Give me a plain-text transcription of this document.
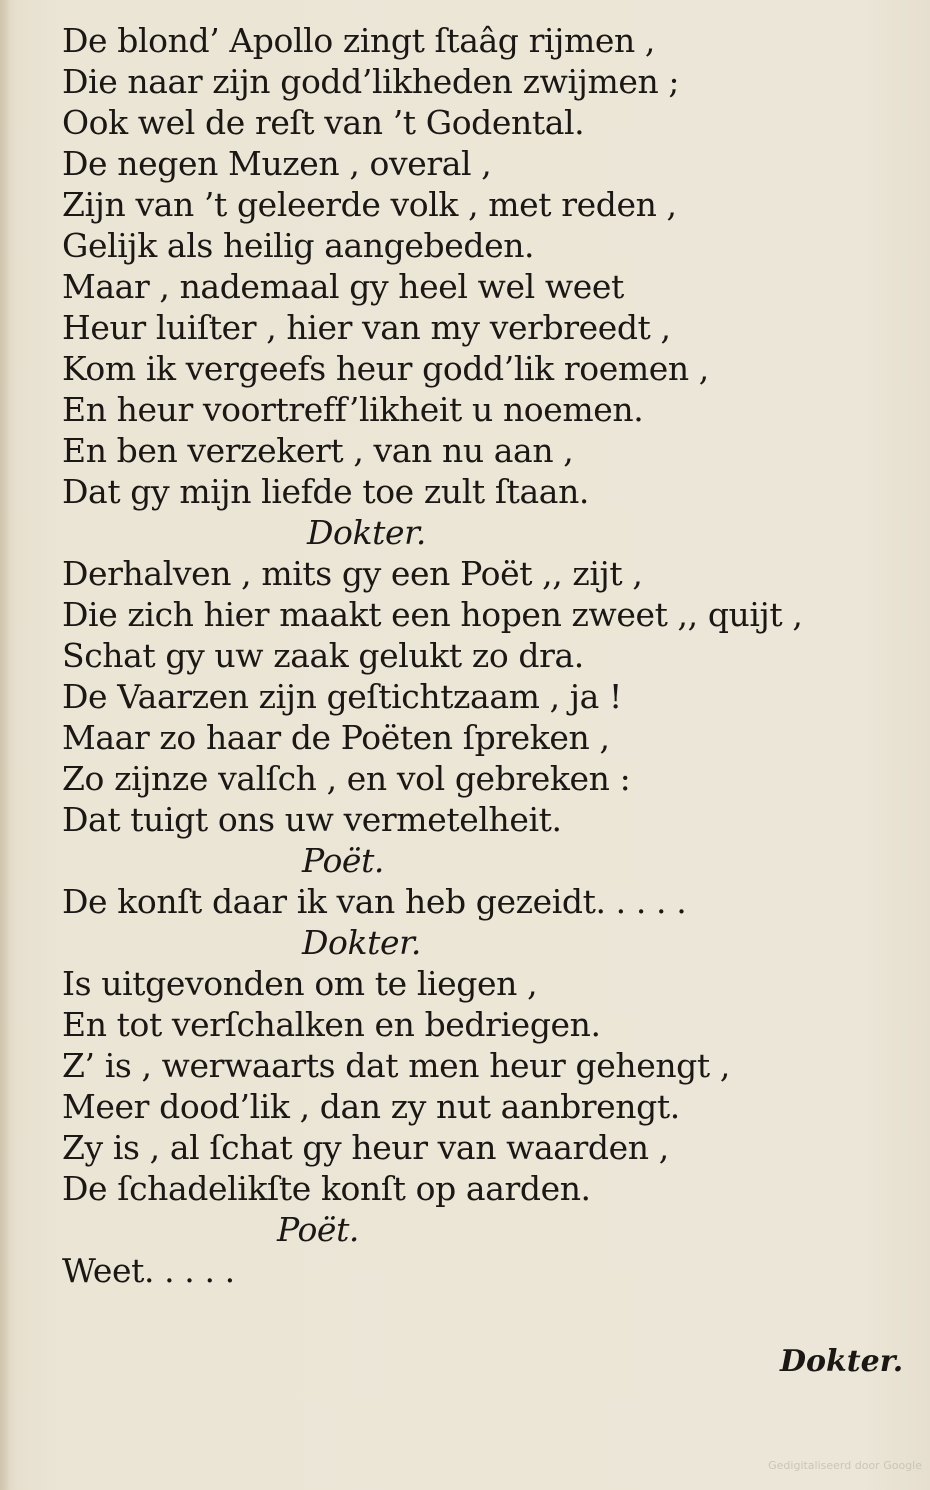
De blond’ Apollo zingt ſtaâg rijmen ,
Die naar zijn godd’likheden zwijmen ;
Ook wel de reſt van ’t Godental.
De negen Muzen , overal ,
Zijn van ’t geleerde volk , met reden ,
Gelijk als heilig aangebeden.
Maar , nademaal gy heel wel weet
Heur luiſter , hier van my verbreedt ,
Kom ik vergeefs heur godd’lik roemen ,
En heur voortreff’likheit u noemen.
En ben verzekert , van nu aan ,
Dat gy mijn liefde toe zult ſtaan.
Dokter.
Derhalven , mits gy een Poët ,, zijt ,
Die zich hier maakt een hopen zweet ,, quijt ,
Schat gy uw zaak gelukt zo dra.
De Vaarzen zijn geſtichtzaam , ja !
Maar zo haar de Poëten ſpreken ,
Zo zijnze valſch , en vol gebreken :
Dat tuigt ons uw vermetelheit.
Poët.
De konſt daar ik van heb gezeidt. . . . .
Dokter.
Is uitgevonden om te liegen ,
En tot verſchalken en bedriegen.
Z’ is , werwaarts dat men heur gehengt ,
Meer dood’lik , dan zy nut aanbrengt.
Zy is , al ſchat gy heur van waarden ,
De ſchadelikſte konſt op aarden.
Poët.
Weet. . . . .
Dokter.
Gedigitaliseerd door Google
